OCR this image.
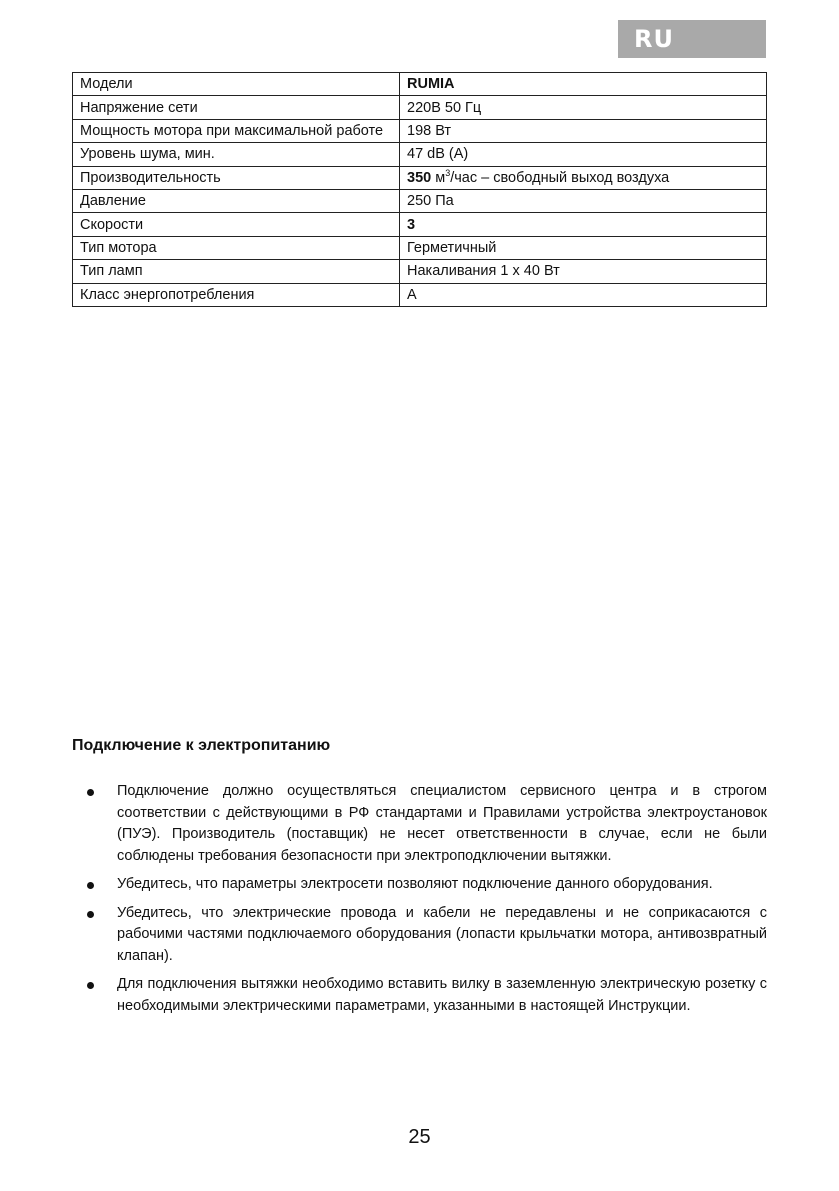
RU
Модели	RUMIA
Напряжение сети	220В 50 Гц
Мощность мотора при максимальной работе	198 Вт
Уровень шума, мин.	47 dB (A)
Производительность	350 $м^3$/час – свободный выход воздуха
Давление	250 Па
Скорости	3
Тип мотора	Герметичный
Тип ламп	Накаливания 1 х 40 Вт
Класс энергопотребления	A
Подключение к электропитанию
Подключение должно осуществляться специалистом сервисного центра и в строгом соответствии с действующими в РФ стандартами и Правилами устройства электроустановок (ПУЭ). Производитель (поставщик) не несет ответственности в случае, если не были соблюдены требования безопасности при электроподключении вытяжки.
Убедитесь, что параметры электросети позволяют подключение данного оборудования.
Убедитесь, что электрические провода и кабели не передавлены и не соприкасаются с рабочими частями подключаемого оборудования (лопасти крыльчатки мотора, антивозвратный клапан).
Для подключения вытяжки необходимо вставить вилку в заземленную электрическую розетку с необходимыми электрическими параметрами, указанными в настоящей Инструкции.
25
